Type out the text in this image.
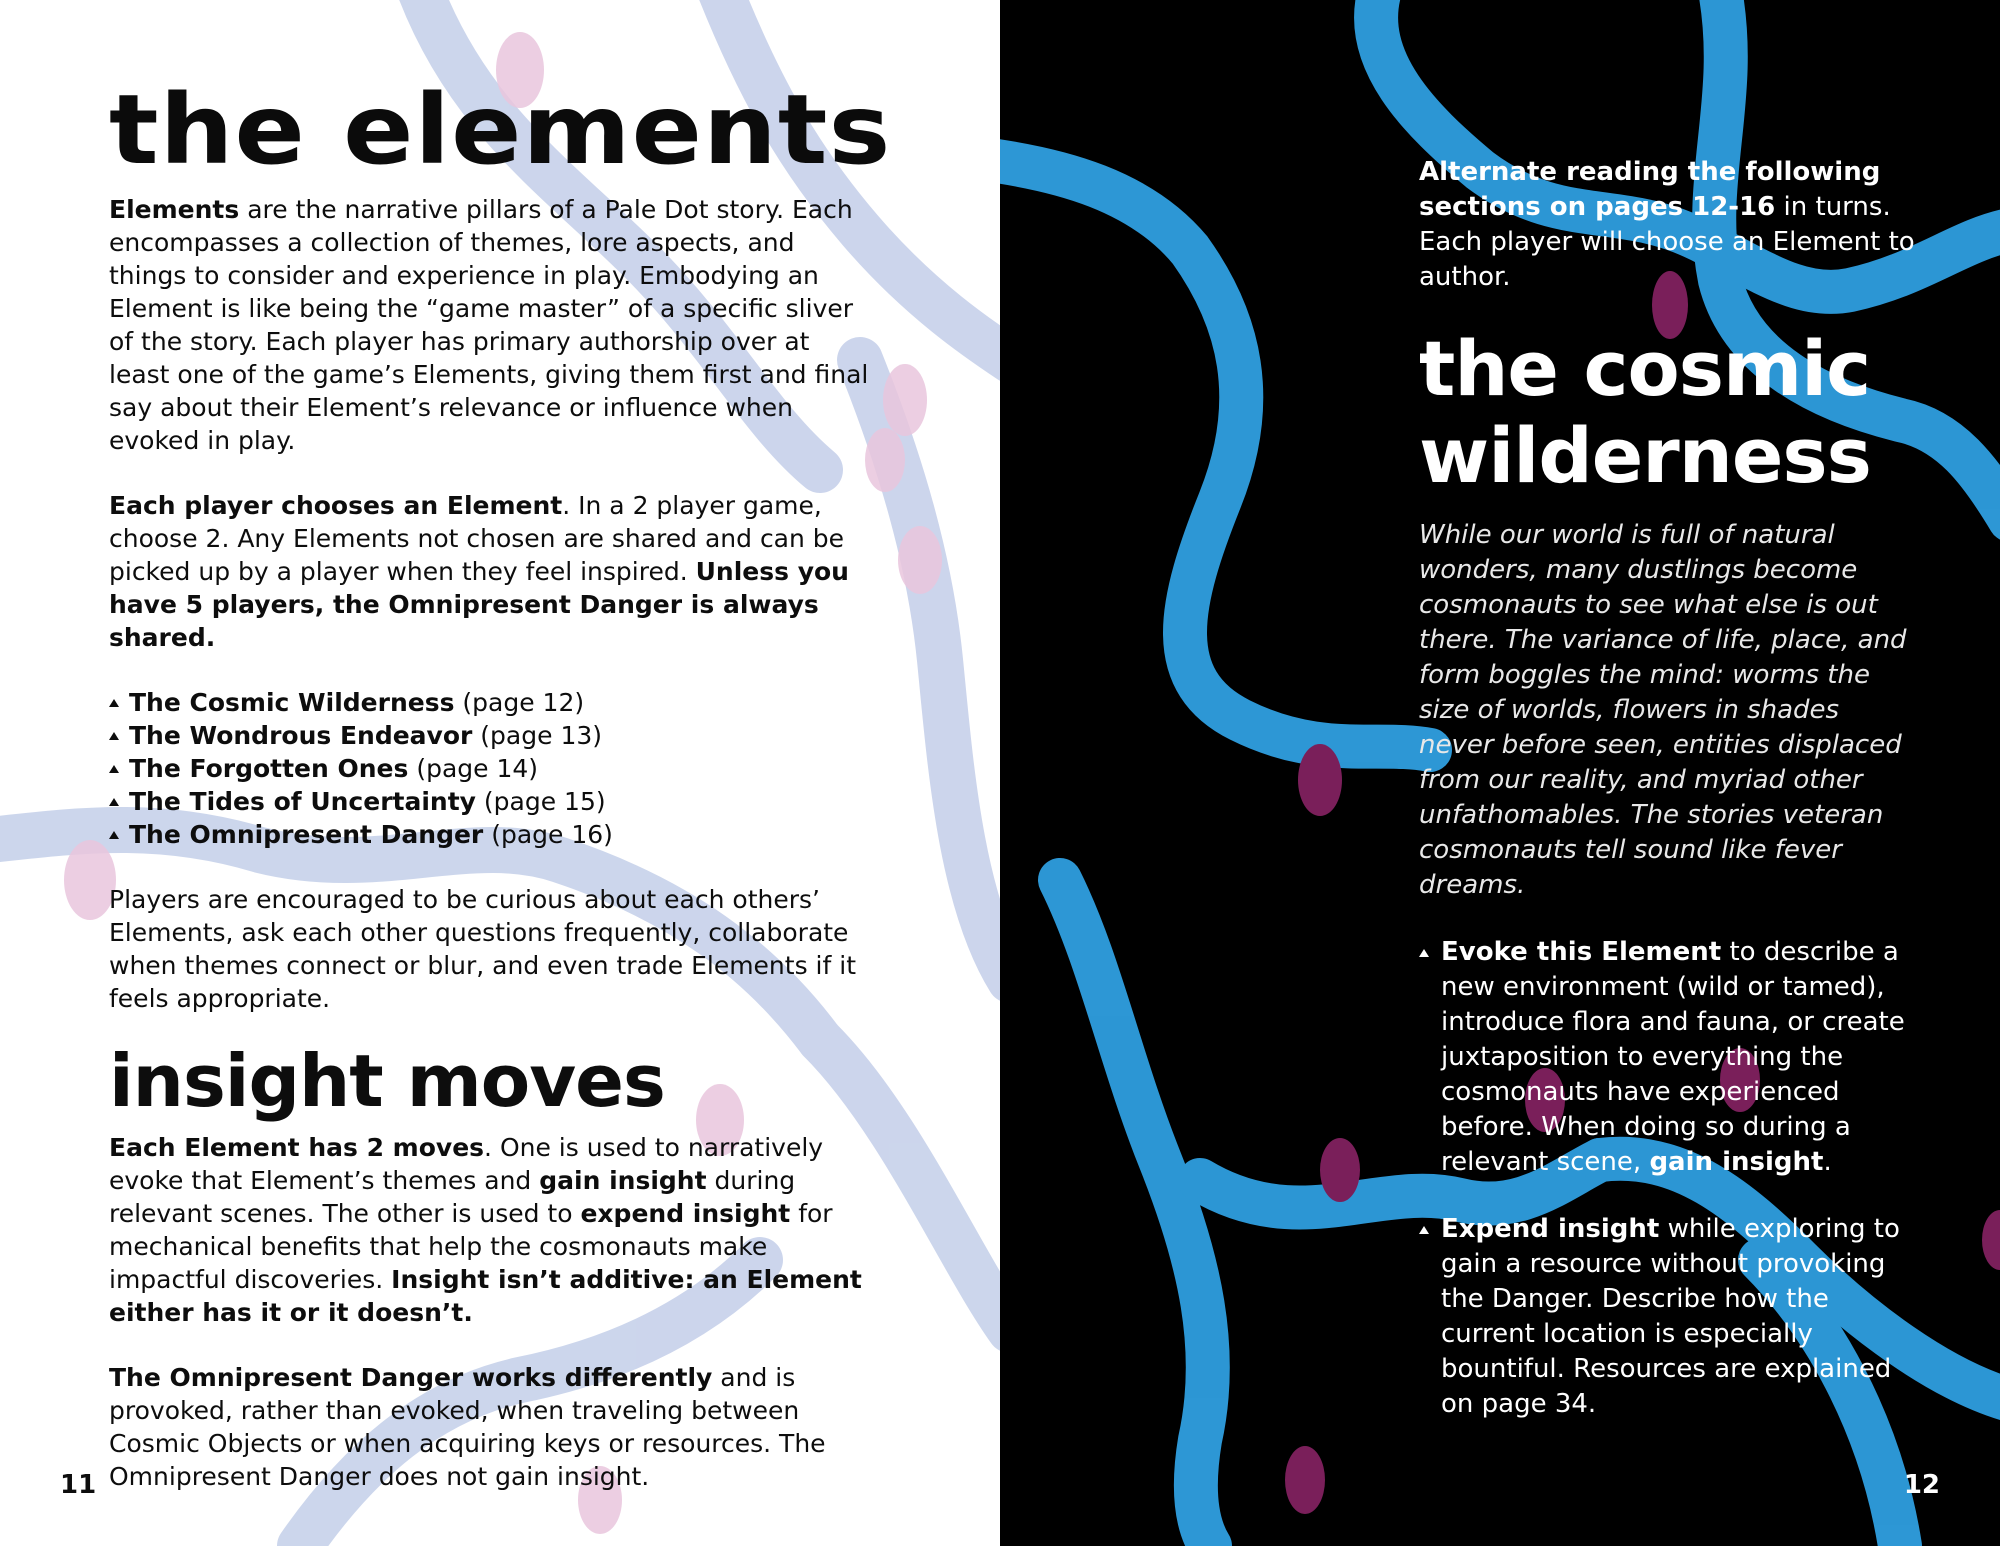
the elements

Elements are the narrative pillars of a Pale Dot story. Each encompasses a collection of themes, lore aspects, and things to consider and experience in play. Embodying an Element is like being the “game master” of a specific sliver of the story. Each player has primary authorship over at least one of the game’s Elements, giving them first and final say about their Element’s relevance or influence when evoked in play.

Each player chooses an Element. In a 2 player game, choose 2. Any Elements not chosen are shared and can be picked up by a player when they feel inspired. Unless you have 5 players, the Omnipresent Danger is always shared.

The Cosmic Wilderness (page 12)
The Wondrous Endeavor (page 13)
The Forgotten Ones (page 14)
The Tides of Uncertainty (page 15)
The Omnipresent Danger (page 16)

Players are encouraged to be curious about each others’ Elements, ask each other questions frequently, collaborate when themes connect or blur, and even trade Elements if it feels appropriate.

insight moves

Each Element has 2 moves. One is used to narratively evoke that Element’s themes and gain insight during relevant scenes. The other is used to expend insight for mechanical benefits that help the cosmonauts make impactful discoveries. Insight isn’t additive: an Element either has it or it doesn’t.

The Omnipresent Danger works differently and is provoked, rather than evoked, when traveling between Cosmic Objects or when acquiring keys or resources. The Omnipresent Danger does not gain insight.

11

Alternate reading the following sections on pages 12-16 in turns. Each player will choose an Element to author.

the cosmic
wilderness

While our world is full of natural wonders, many dustlings become cosmonauts to see what else is out there. The variance of life, place, and form boggles the mind: worms the size of worlds, flowers in shades never before seen, entities displaced from our reality, and myriad other unfathomables. The stories veteran cosmonauts tell sound like fever dreams.

Evoke this Element to describe a new environment (wild or tamed), introduce flora and fauna, or create juxtaposition to everything the cosmonauts have experienced before. When doing so during a relevant scene, gain insight.

Expend insight while exploring to gain a resource without provoking the Danger. Describe how the current location is especially bountiful. Resources are explained on page 34.

12
